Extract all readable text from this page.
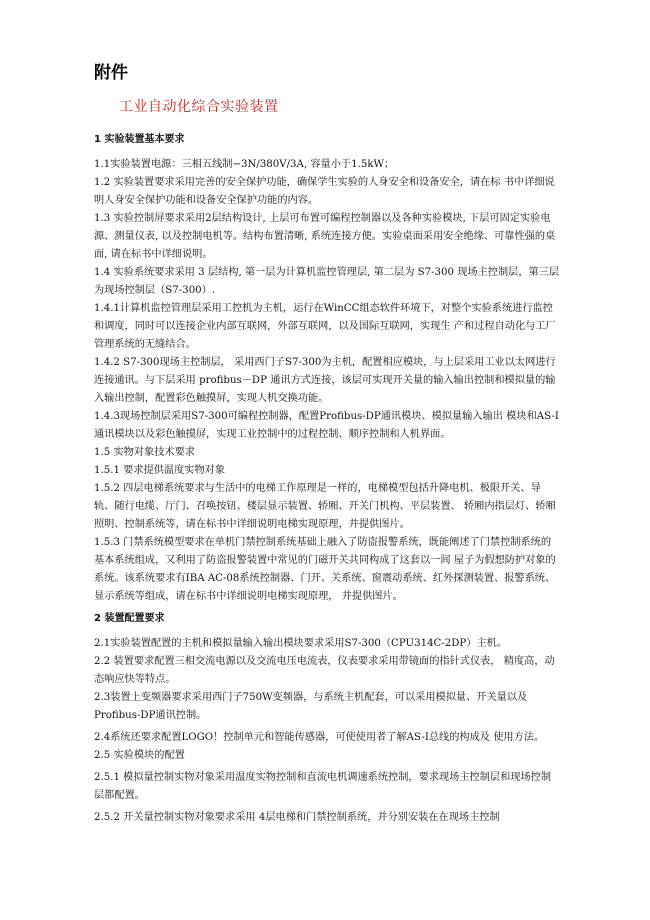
附件
工业自动化综合实验装置

1 实验装置基本要求

1.1实验装置电源：三相五线制−3N/380V/3A, 容量小于1.5kW；

1.2 实验装置要求采用完善的安全保护功能，确保学生实验的人身安全和设备安全，请在标 书中详细说明人身安全保护功能和设备安全保护功能的内容。

1.3 实验控制屏要求采用2层结构设计, 上层可布置可编程控制器以及各种实验模块, 下层可固定实验电源、测量仪表, 以及控制电机等。结构布置清晰, 系统连接方便。实验桌面采用安全绝缘、可靠性强的桌面, 请在标书中详细说明。

1.4 实验系统要求采用 3 层结构, 第一层为计算机监控管理层, 第二层为 S7-300 现场主控制层，第三层为现场控制层（S7-300）.

1.4.1计算机监控管理层采用工控机为主机，运行在WinCC组态软件环境下，对整个实验系统进行监控和调度，同时可以连接企业内部互联网，外部互联网，以及国际互联网，实现生 产和过程自动化与工厂管理系统的无缝结合。

1.4.2 S7-300现场主控制层， 采用西门子S7-300为主机，配置相应模块，与上层采用工业以太网进行连接通讯。与下层采用 profibus－DP 通讯方式连接，该层可实现开关量的输入输出控制和模拟量的输入输出控制，配置彩色触摸屏，实现人机交换功能。

1.4.3现场控制层采用S7-300可编程控制器，配置Profibus-DP通讯模块、模拟量输入输出 模块和AS-I通讯模块以及彩色触摸屏，实现工业控制中的过程控制、顺序控制和人机界面。

1.5 实物对象技术要求

1.5.1 要求提供温度实物对象

1.5.2 四层电梯系统要求与生活中的电梯工作原理是一样的，电梯模型包括升降电机、极限开关、导轨、随行电缆、厅门、召唤按钮、楼层显示装置、轿厢、开关门机构、平层装置、 轿厢内指层灯、轿厢照明、控制系统等，请在标书中详细说明电梯实现原理，并提供图片。

1.5.3 门禁系统模型要求在单机门禁控制系统基础上融入了防盗报警系统，既能阐述了门禁控制系统的基本系统组成，又利用了防盗报警装置中常见的门磁开关共同构成了这套以一间 屋子为假想防护对象的系统。该系统要求有IBA AC-08系统控制器、门开、关系统、窗震动系统、红外探测装置、报警系统、显示系统等组成，请在标书中详细说明电梯实现原理， 并提供图片。

2 装置配置要求

2.1实验装置配置的主机和模拟量输入输出模块要求采用S7-300（CPU314C-2DP）主机。

2.2 装置要求配置三相交流电源以及交流电压电流表，仪表要求采用带镜面的指针式仪表， 精度高，动态响应快等特点。

2.3装置上变频器要求采用西门子750W变频器，与系统主机配套，可以采用模拟量、开关量以及Profibus-DP通讯控制。

2.4系统还要求配置LOGO！控制单元和智能传感器，可使使用者了解AS-I总线的构成及 使用方法。

2.5 实验模块的配置

2.5.1 模拟量控制实物对象采用温度实物控制和直流电机调速系统控制，要求现场主控制层和现场控制层都配置。

2.5.2 开关量控制实物对象要求采用 4层电梯和门禁控制系统，并分别安装在在现场主控制
